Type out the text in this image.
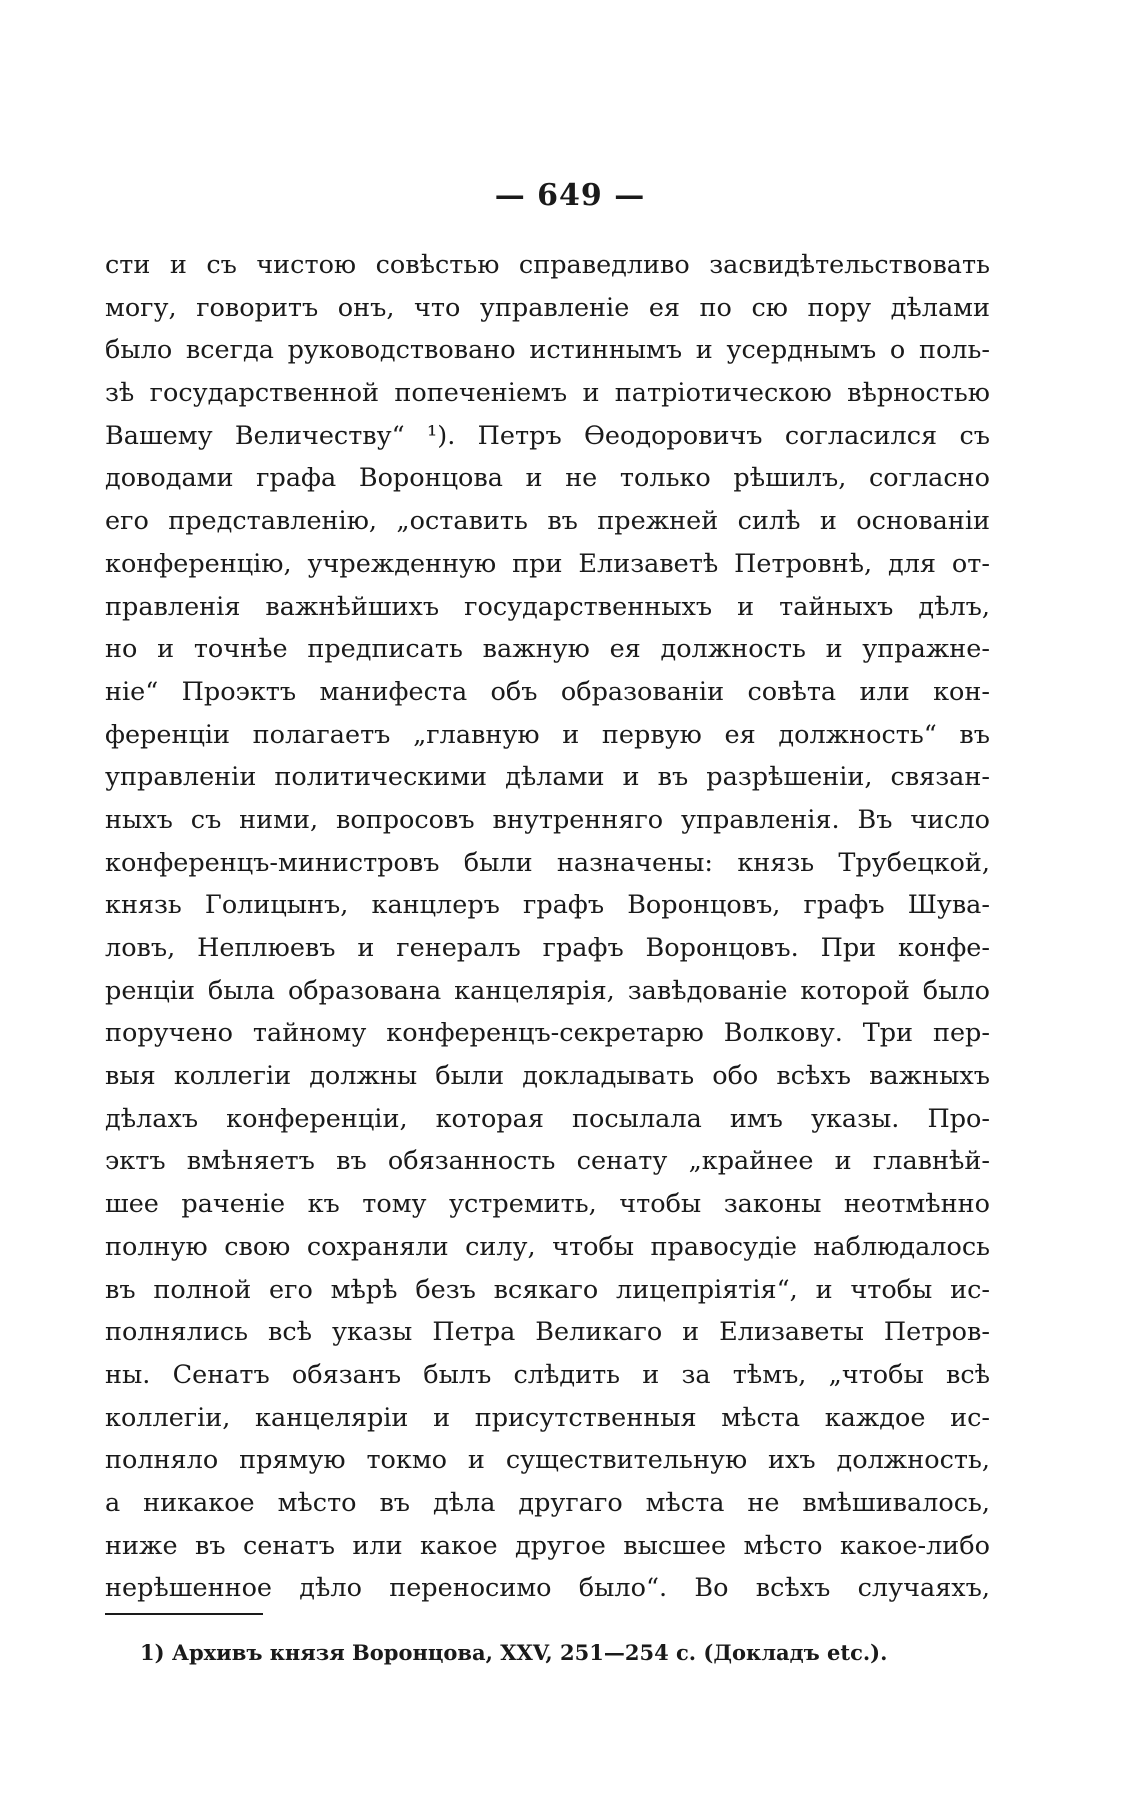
— 649 —
сти и съ чистою совѣстью справедливо засвидѣтельствовать
могу, говоритъ онъ, что управленіе ея по сю пору дѣлами
было всегда руководствовано истиннымъ и усерднымъ о поль-
зѣ государственной попеченіемъ и патріотическою вѣрностью
Вашему Величеству“ ¹). Петръ Ѳеодоровичъ согласился съ
доводами графа Воронцова и не только рѣшилъ, согласно
его представленію, „оставить въ прежней силѣ и основаніи
конференцію, учрежденную при Елизаветѣ Петровнѣ, для от-
правленія важнѣйшихъ государственныхъ и тайныхъ дѣлъ,
но и точнѣе предписать важную ея должность и упражне-
ніе“ Проэктъ манифеста объ образованіи совѣта или кон-
ференціи полагаетъ „главную и первую ея должность“ въ
управленіи политическими дѣлами и въ разрѣшеніи, связан-
ныхъ съ ними, вопросовъ внутренняго управленія. Въ число
конференцъ-министровъ были назначены: князь Трубецкой,
князь Голицынъ, канцлеръ графъ Воронцовъ, графъ Шува-
ловъ, Неплюевъ и генералъ графъ Воронцовъ. При конфе-
ренціи была образована канцелярія, завѣдованіе которой было
поручено тайному конференцъ-секретарю Волкову. Три пер-
выя коллегіи должны были докладывать обо всѣхъ важныхъ
дѣлахъ конференціи, которая посылала имъ указы. Про-
эктъ вмѣняетъ въ обязанность сенату „крайнее и главнѣй-
шее раченіе къ тому устремить, чтобы законы неотмѣнно
полную свою сохраняли силу, чтобы правосудіе наблюдалось
въ полной его мѣрѣ безъ всякаго лицепріятія“, и чтобы ис-
полнялись всѣ указы Петра Великаго и Елизаветы Петров-
ны. Сенатъ обязанъ былъ слѣдить и за тѣмъ, „чтобы всѣ
коллегіи, канцеляріи и присутственныя мѣста каждое ис-
полняло прямую токмо и существительную ихъ должность,
а никакое мѣсто въ дѣла другаго мѣста не вмѣшивалось,
ниже въ сенатъ или какое другое высшее мѣсто какое-либо
нерѣшенное дѣло переносимо было“. Во всѣхъ случаяхъ,
1) Архивъ князя Воронцова, XXV, 251—254 с. (Докладъ etc.).
